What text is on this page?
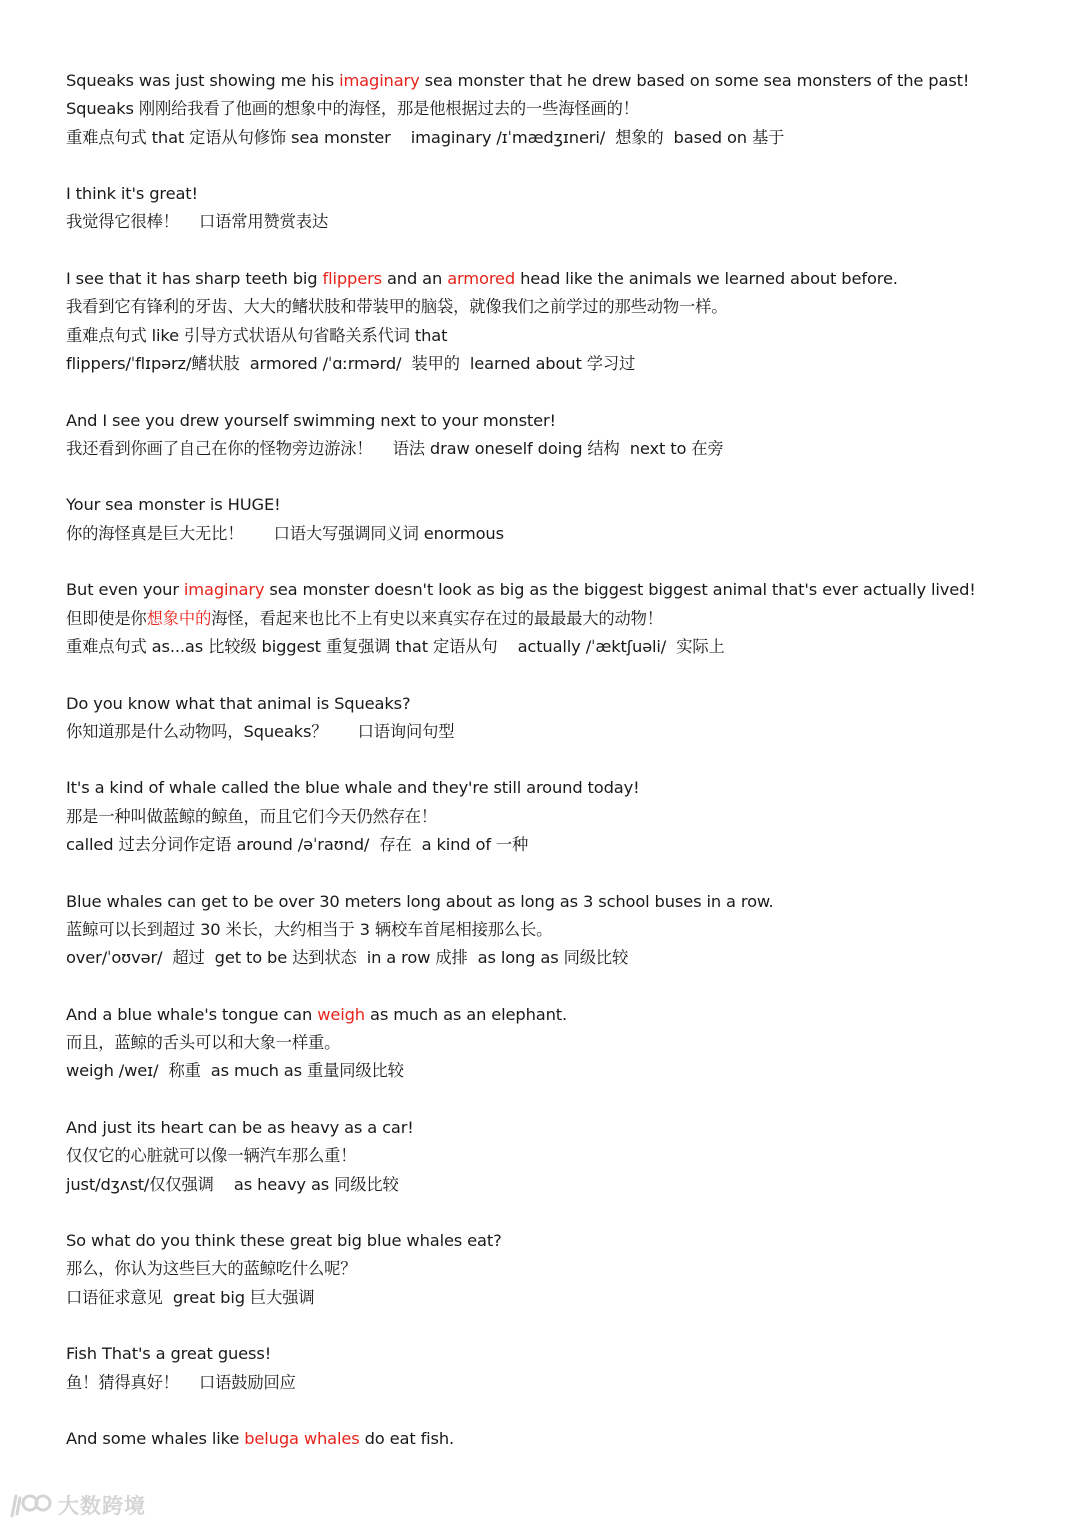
Squeaks was just showing me his imaginary sea monster that he drew based on some sea monsters of the past!
Squeaks 刚刚给我看了他画的想象中的海怪，那是他根据过去的一些海怪画的！
重难点句式 that 定语从句修饰 sea monster    imaginary /ɪˈmædʒɪneri/  想象的  based on 基于
I think it's great!
我觉得它很棒！    口语常用赞赏表达
I see that it has sharp teeth big flippers and an armored head like the animals we learned about before.
我看到它有锋利的牙齿、大大的鳍状肢和带装甲的脑袋，就像我们之前学过的那些动物一样。
重难点句式 like 引导方式状语从句省略关系代词 that
flippers/ˈflɪpərz/鳍状肢  armored /ˈɑːrmərd/  装甲的  learned about 学习过
And I see you drew yourself swimming next to your monster!
我还看到你画了自己在你的怪物旁边游泳！    语法 draw oneself doing 结构  next to 在旁
Your sea monster is HUGE!
你的海怪真是巨大无比！      口语大写强调同义词 enormous
But even your imaginary sea monster doesn't look as big as the biggest biggest animal that's ever actually lived!
但即使是你想象中的海怪，看起来也比不上有史以来真实存在过的最最最大的动物！
重难点句式 as...as 比较级 biggest 重复强调 that 定语从句    actually /ˈæktʃuəli/  实际上
Do you know what that animal is Squeaks?
你知道那是什么动物吗，Squeaks？      口语询问句型
It's a kind of whale called the blue whale and they're still around today!
那是一种叫做蓝鲸的鲸鱼，而且它们今天仍然存在！
called 过去分词作定语 around /əˈraʊnd/  存在  a kind of 一种
Blue whales can get to be over 30 meters long about as long as 3 school buses in a row.
蓝鲸可以长到超过 30 米长，大约相当于 3 辆校车首尾相接那么长。
over/ˈoʊvər/  超过  get to be 达到状态  in a row 成排  as long as 同级比较
And a blue whale's tongue can weigh as much as an elephant.
而且，蓝鲸的舌头可以和大象一样重。
weigh /weɪ/  称重  as much as 重量同级比较
And just its heart can be as heavy as a car!
仅仅它的心脏就可以像一辆汽车那么重！
just/dʒʌst/仅仅强调    as heavy as 同级比较
So what do you think these great big blue whales eat?
那么，你认为这些巨大的蓝鲸吃什么呢？
口语征求意见  great big 巨大强调
Fish That's a great guess!
鱼！猜得真好！    口语鼓励回应
And some whales like beluga whales do eat fish.
大数跨境
